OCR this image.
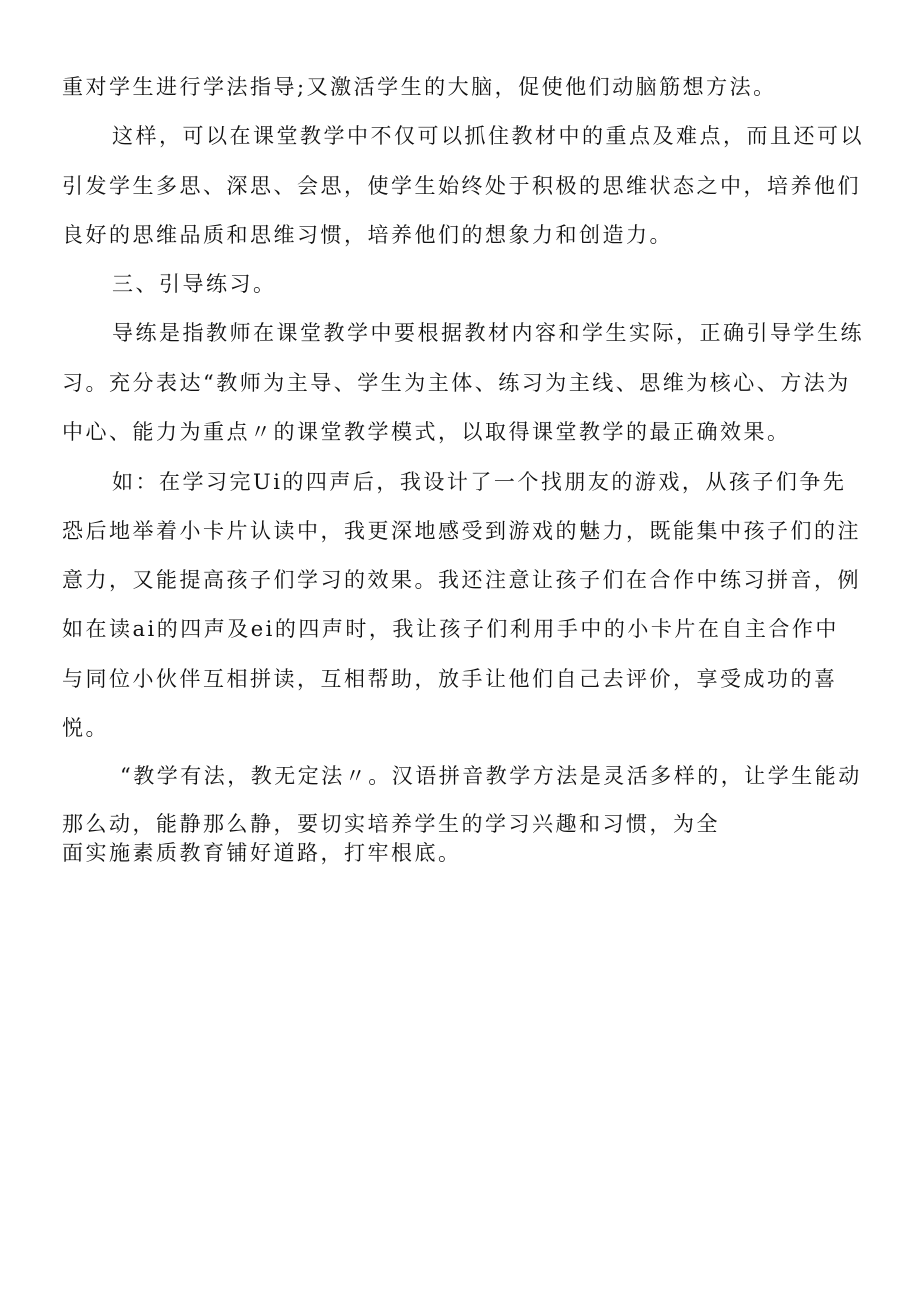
重对学生进行学法指导;又激活学生的大脑，促使他们动脑筋想方法。
这样，可以在课堂教学中不仅可以抓住教材中的重点及难点，而且还可以
引发学生多思、深思、会思，使学生始终处于积极的思维状态之中，培养他们
良好的思维品质和思维习惯，培养他们的想象力和创造力。
三、引导练习。
导练是指教师在课堂教学中要根据教材内容和学生实际，正确引导学生练
习。充分表达“教师为主导、学生为主体、练习为主线、思维为核心、方法为
中心、能力为重点〃的课堂教学模式，以取得课堂教学的最正确效果。
如：在学习完Ui的四声后，我设计了一个找朋友的游戏，从孩子们争先
恐后地举着小卡片认读中，我更深地感受到游戏的魅力，既能集中孩子们的注
意力，又能提高孩子们学习的效果。我还注意让孩子们在合作中练习拼音，例
如在读ai的四声及ei的四声时，我让孩子们利用手中的小卡片在自主合作中
与同位小伙伴互相拼读，互相帮助，放手让他们自己去评价，享受成功的喜
悦。
“教学有法，教无定法〃。汉语拼音教学方法是灵活多样的，让学生能动
那么动，能静那么静，要切实培养学生的学习兴趣和习惯，为全
面实施素质教育铺好道路，打牢根底。
